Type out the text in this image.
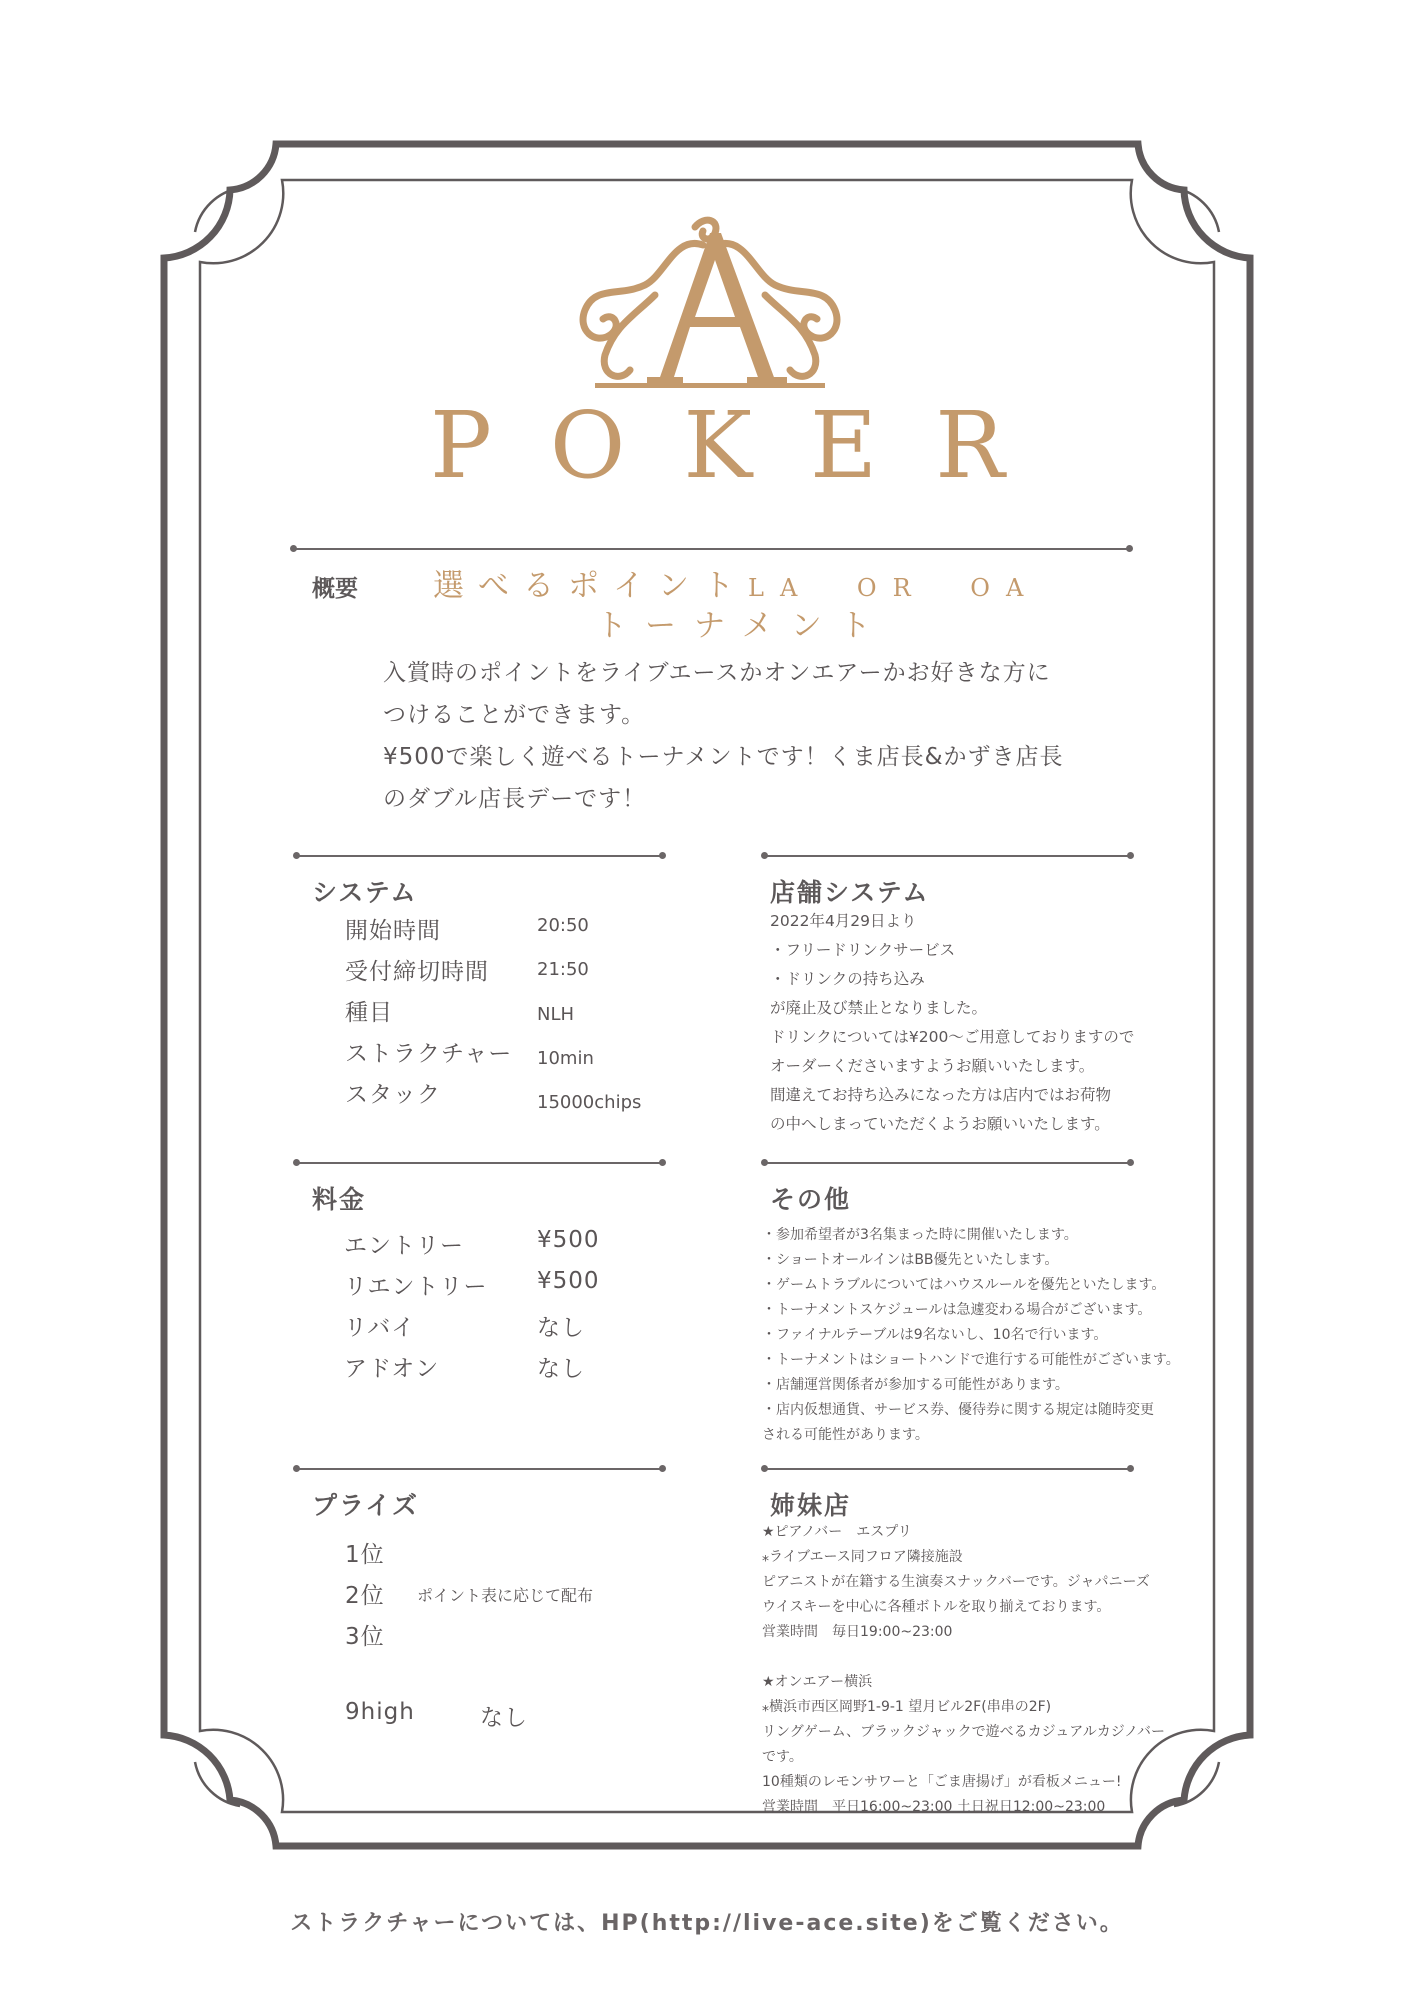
POKER
概要 選べるポイントLA OR OA
トーナメント
入賞時のポイントをライブエースかオンエアーかお好きな方に
つけることができます。
¥500で楽しく遊べるトーナメントです！くま店長&かずき店長
のダブル店長デーです！
システム
開始時間	20:50
受付締切時間	21:50
種目	NLH
ストラクチャー 10min
スタック	15000chips
店舗システム
2022年4月29日より
・フリードリンクサービス
・ドリンクの持ち込み
が廃止及び禁止となりました。
ドリンクについては¥200〜ご用意しておりますので
オーダーくださいますようお願いいたします。
間違えてお持ち込みになった方は店内ではお荷物
の中へしまっていただくようお願いいたします。
料金
エントリー	¥500
リエントリー ¥500
リバイ	なし
アドオン	なし
その他
・参加希望者が3名集まった時に開催いたします。
・ショートオールインはBB優先といたします。
・ゲームトラブルについてはハウスルールを優先といたします。
・トーナメントスケジュールは急遽変わる場合がございます。
・ファイナルテーブルは9名ないし、10名で行います。
・トーナメントはショートハンドで進行する可能性がございます。
・店舗運営関係者が参加する可能性があります。
・店内仮想通貨、サービス券、優待券に関する規定は随時変更
される可能性があります。
プライズ
1位
2位 ポイント表に応じて配布
3位
9high	なし
姉妹店
★ピアノバー　エスプリ
⁎ライブエース同フロア隣接施設
ピアニストが在籍する生演奏スナックバーです。ジャパニーズ
ウイスキーを中心に各種ボトルを取り揃えております。
営業時間　毎日19:00~23:00
★オンエアー横浜
⁎横浜市西区岡野1-9-1 望月ビル2F(串串の2F)
リングゲーム、ブラックジャックで遊べるカジュアルカジノバー
です。
10種類のレモンサワーと「ごま唐揚げ」が看板メニュー!
営業時間　平日16:00~23:00 土日祝日12:00~23:00
ストラクチャーについては、HP(http://live-ace.site)をご覧ください。
